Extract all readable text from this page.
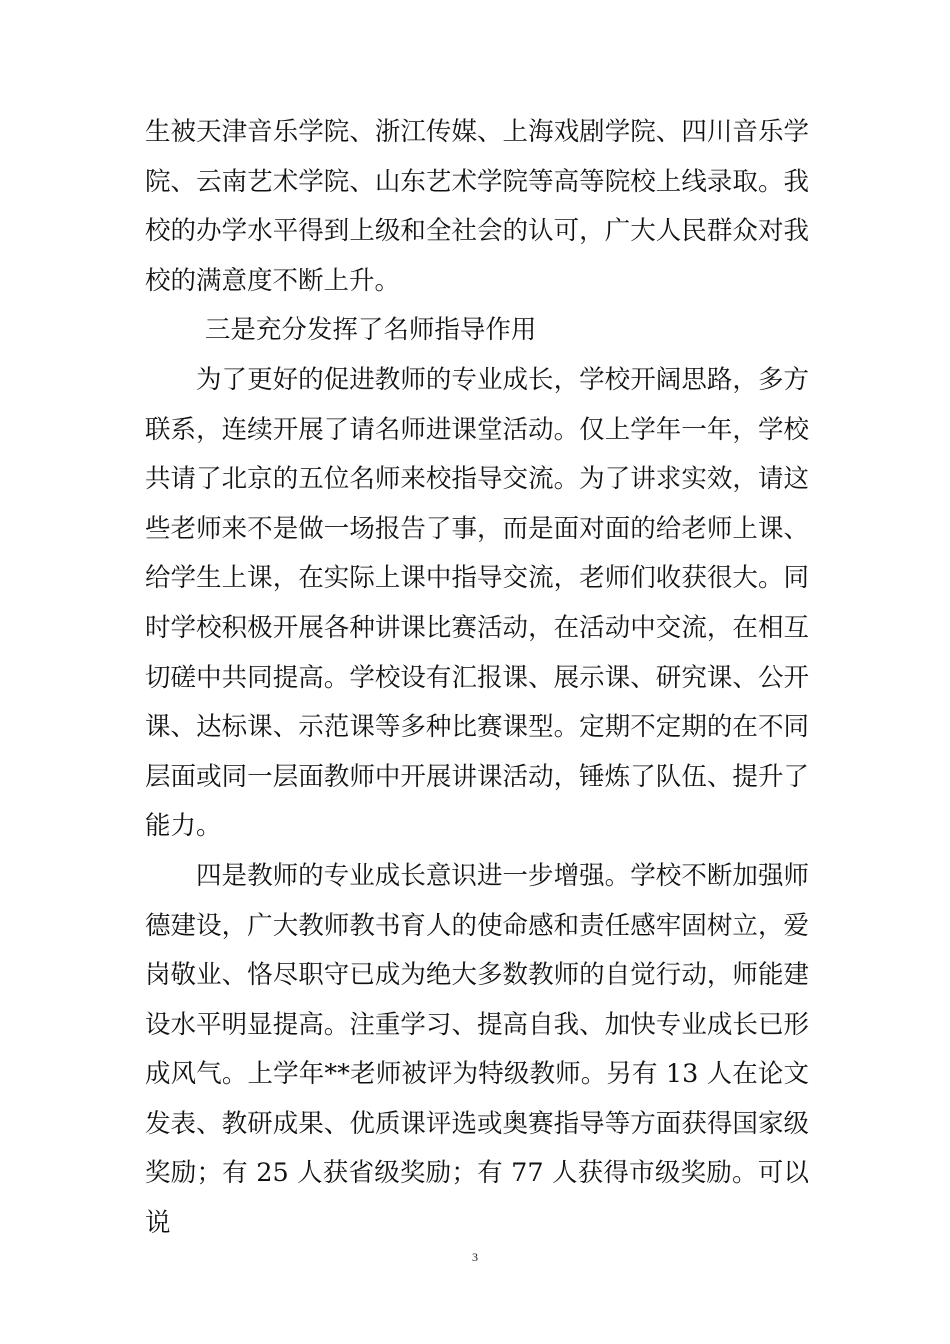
生被天津音乐学院、浙江传媒、上海戏剧学院、四川音乐学院、云南艺术学院、山东艺术学院等高等院校上线录取。我校的办学水平得到上级和全社会的认可，广大人民群众对我校的满意度不断上升。

三是充分发挥了名师指导作用

为了更好的促进教师的专业成长，学校开阔思路，多方联系，连续开展了请名师进课堂活动。仅上学年一年，学校共请了北京的五位名师来校指导交流。为了讲求实效，请这些老师来不是做一场报告了事，而是面对面的给老师上课、给学生上课，在实际上课中指导交流，老师们收获很大。同时学校积极开展各种讲课比赛活动，在活动中交流，在相互切磋中共同提高。学校设有汇报课、展示课、研究课、公开课、达标课、示范课等多种比赛课型。定期不定期的在不同层面或同一层面教师中开展讲课活动，锤炼了队伍、提升了能力。

四是教师的专业成长意识进一步增强。学校不断加强师德建设，广大教师教书育人的使命感和责任感牢固树立，爱岗敬业、恪尽职守已成为绝大多数教师的自觉行动，师能建设水平明显提高。注重学习、提高自我、加快专业成长已形成风气。上学年**老师被评为特级教师。另有 13 人在论文发表、教研成果、优质课评选或奥赛指导等方面获得国家级奖励；有 25 人获省级奖励；有 77 人获得市级奖励。可以说

3
